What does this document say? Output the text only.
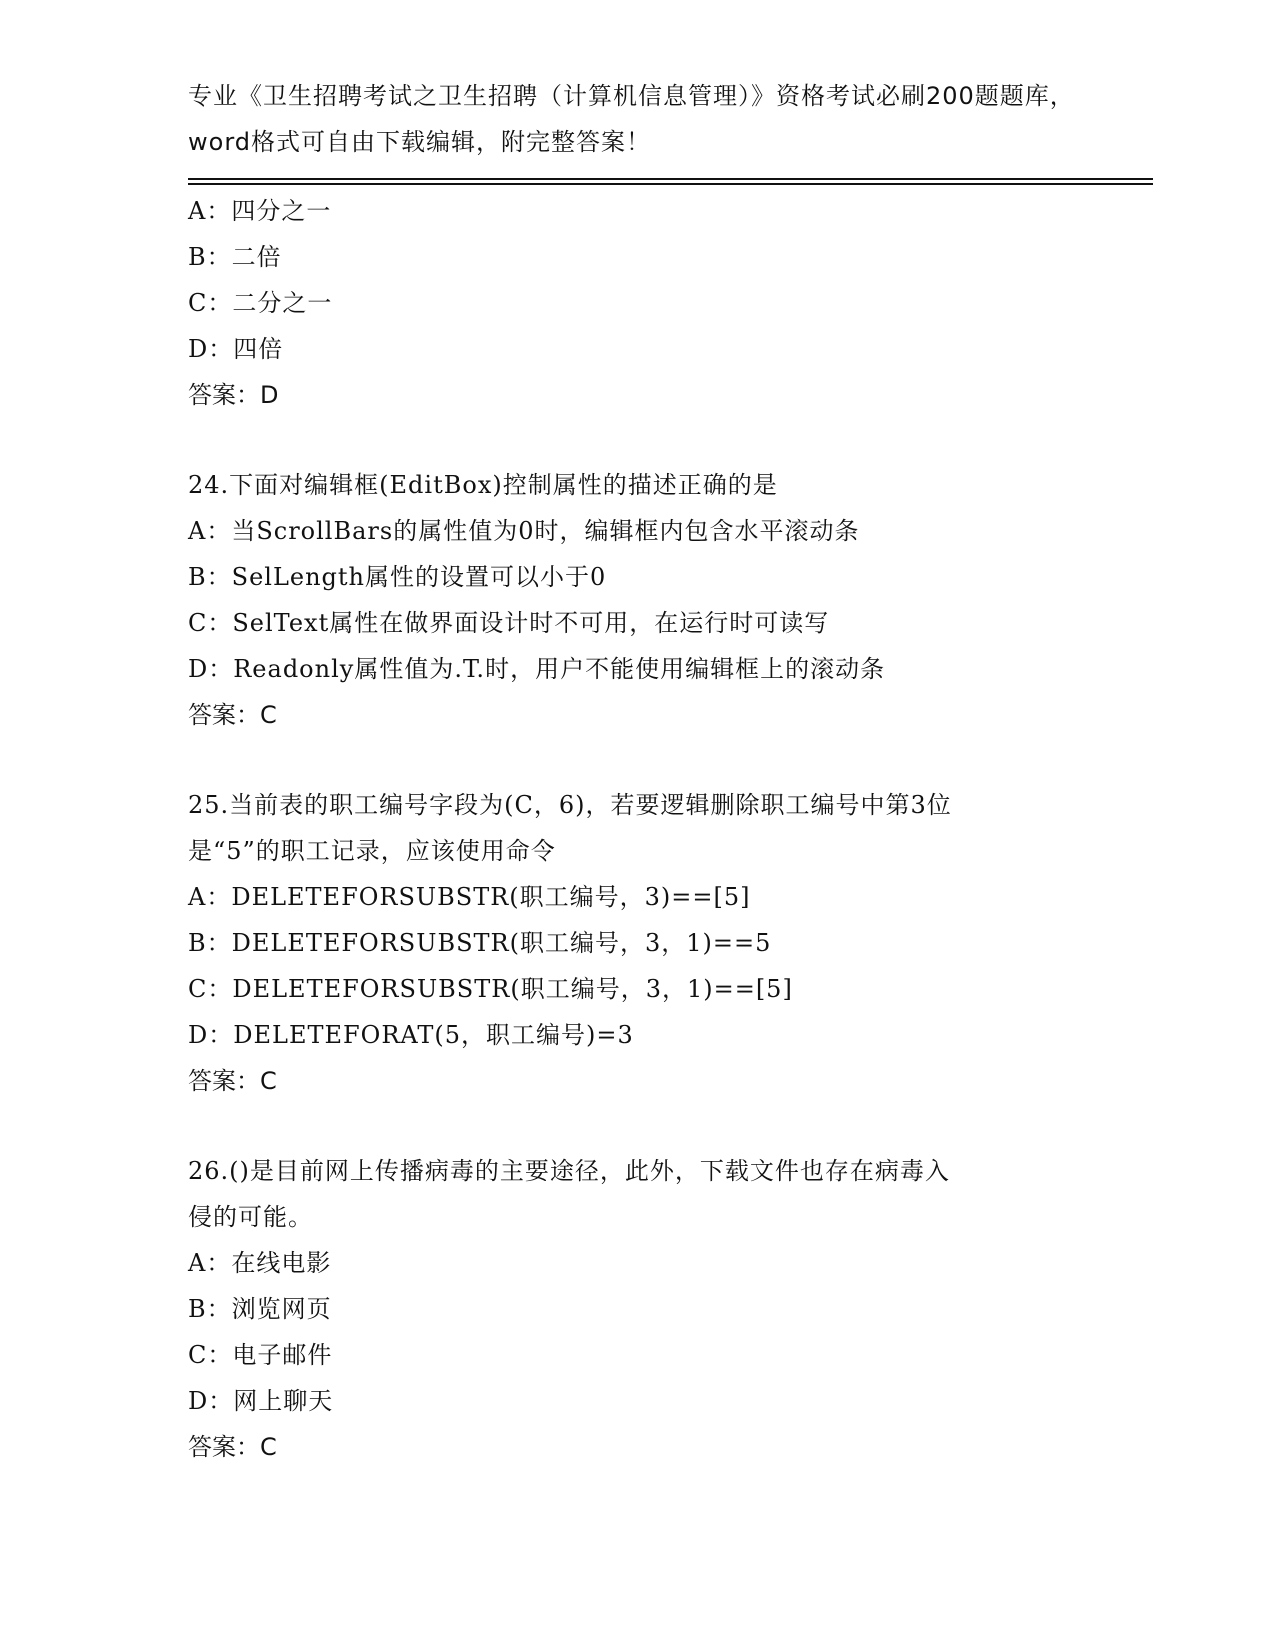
专业《卫生招聘考试之卫生招聘（计算机信息管理）》资格考试必刷200题题库，
word格式可自由下载编辑，附完整答案！
A：四分之一
B：二倍
C：二分之一
D：四倍
答案：D
24.下面对编辑框(EditBox)控制属性的描述正确的是
A：当ScrollBars的属性值为0时，编辑框内包含水平滚动条
B：SelLength属性的设置可以小于0
C：SelText属性在做界面设计时不可用，在运行时可读写
D：Readonly属性值为.T.时，用户不能使用编辑框上的滚动条
答案：C
25.当前表的职工编号字段为(C，6)，若要逻辑删除职工编号中第3位
是“5”的职工记录，应该使用命令
A：DELETEFORSUBSTR(职工编号，3)==[5]
B：DELETEFORSUBSTR(职工编号，3，1)==5
C：DELETEFORSUBSTR(职工编号，3，1)==[5]
D：DELETEFORAT(5，职工编号)=3
答案：C
26.()是目前网上传播病毒的主要途径，此外，下载文件也存在病毒入
侵的可能。
A：在线电影
B：浏览网页
C：电子邮件
D：网上聊天
答案：C
